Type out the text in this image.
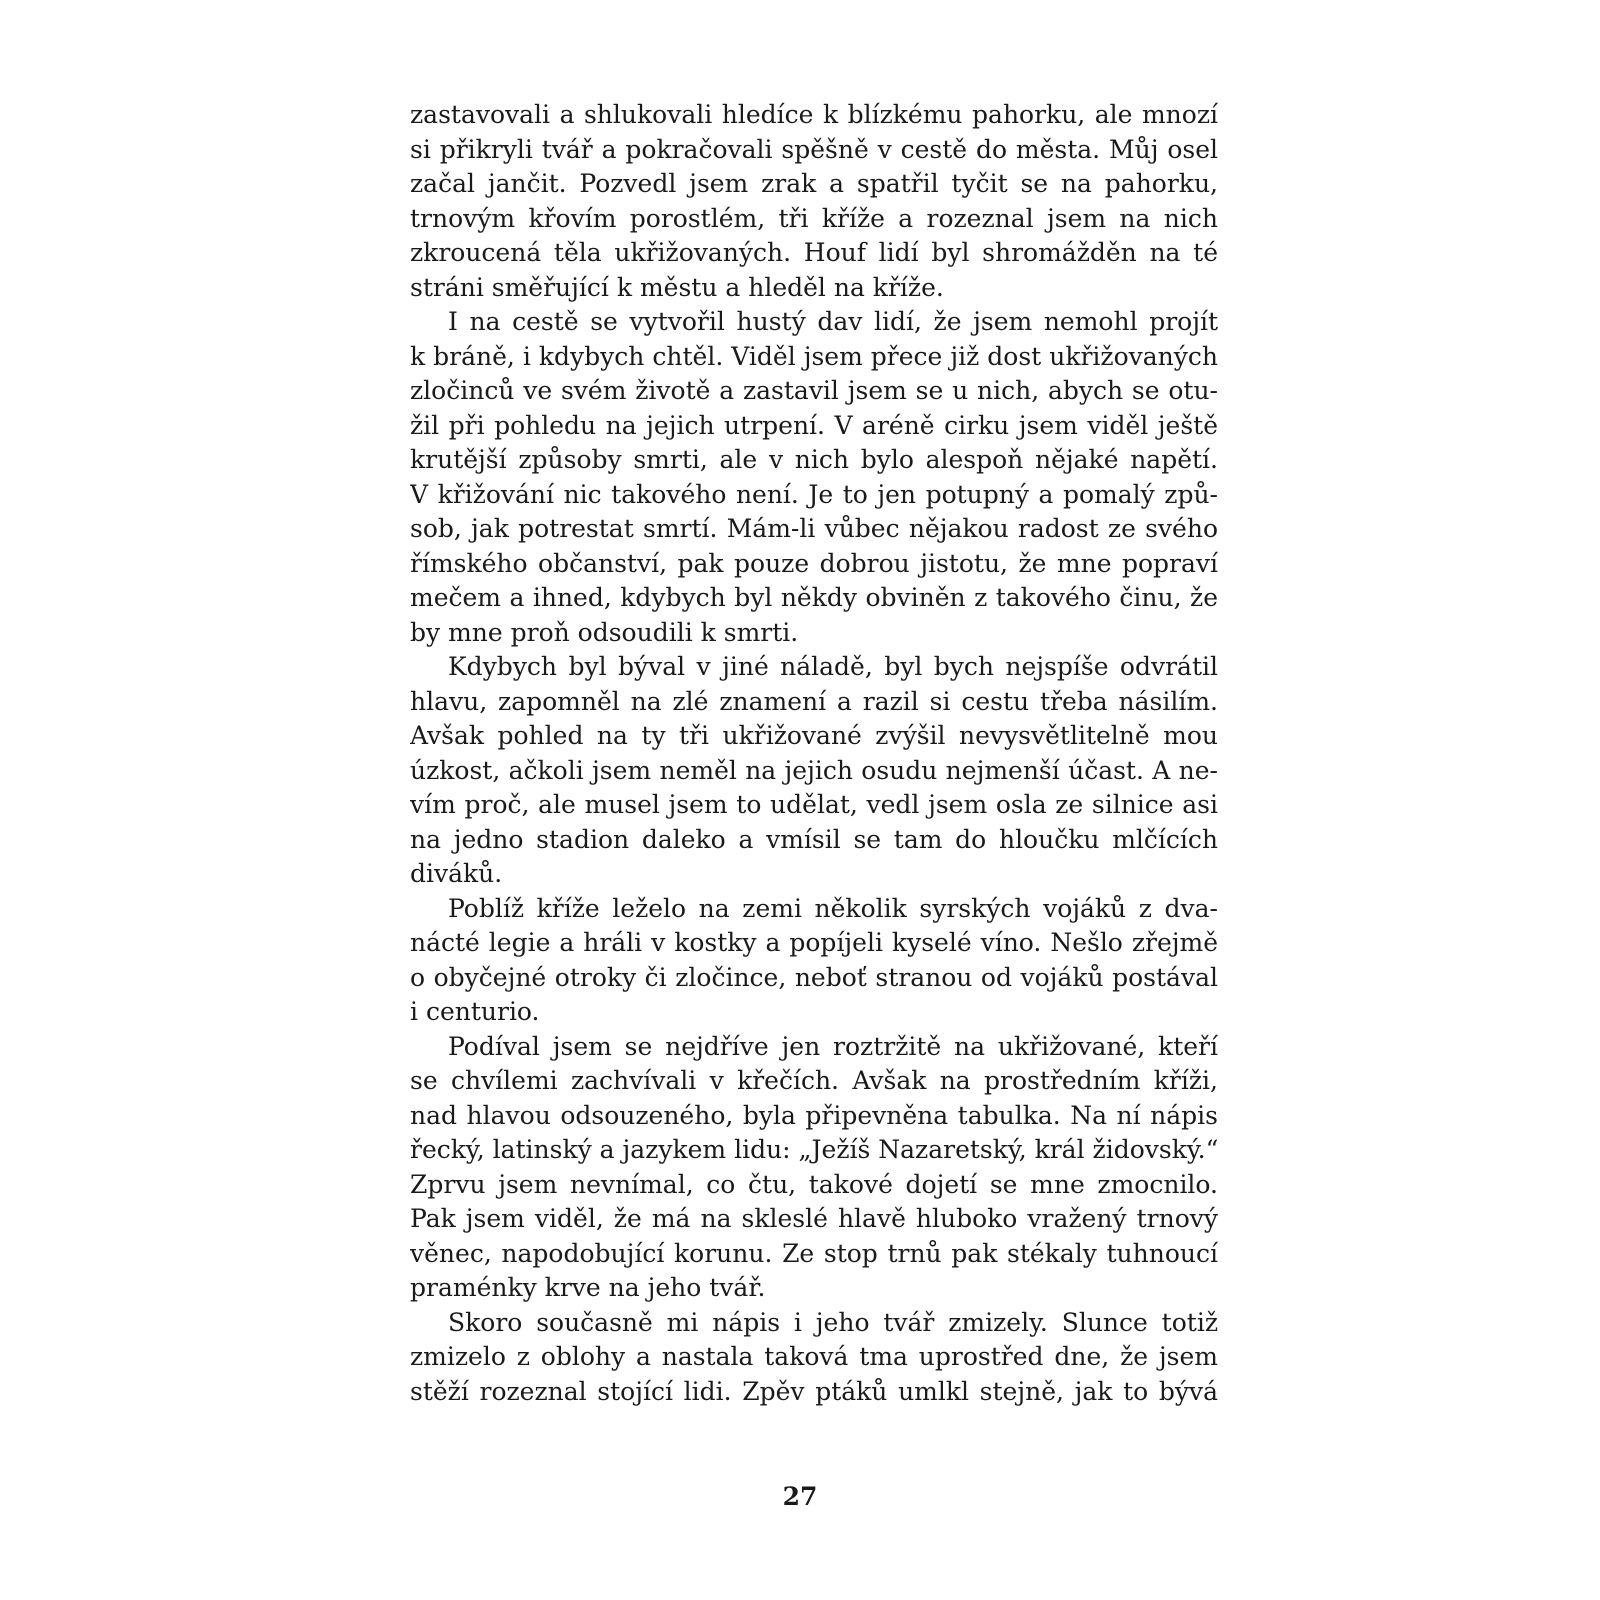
zastavovali a shlukovali hledíce k blízkému pahorku, ale mnozí
si přikryli tvář a pokračovali spěšně v cestě do města. Můj osel
začal jančit. Pozvedl jsem zrak a spatřil tyčit se na pahorku,
trnovým křovím porostlém, tři kříže a rozeznal jsem na nich
zkroucená těla ukřižovaných. Houf lidí byl shromážděn na té
stráni směřující k městu a hleděl na kříže.
I na cestě se vytvořil hustý dav lidí, že jsem nemohl projít
k bráně, i kdybych chtěl. Viděl jsem přece již dost ukřižovaných
zločinců ve svém životě a zastavil jsem se u nich, abych se otu-
žil při pohledu na jejich utrpení. V aréně cirku jsem viděl ještě
krutější způsoby smrti, ale v nich bylo alespoň nějaké napětí.
V křižování nic takového není. Je to jen potupný a pomalý způ-
sob, jak potrestat smrtí. Mám-li vůbec nějakou radost ze svého
římského občanství, pak pouze dobrou jistotu, že mne popraví
mečem a ihned, kdybych byl někdy obviněn z takového činu, že
by mne proň odsoudili k smrti.
Kdybych byl býval v jiné náladě, byl bych nejspíše odvrátil
hlavu, zapomněl na zlé znamení a razil si cestu třeba násilím.
Avšak pohled na ty tři ukřižované zvýšil nevysvětlitelně mou
úzkost, ačkoli jsem neměl na jejich osudu nejmenší účast. A ne-
vím proč, ale musel jsem to udělat, vedl jsem osla ze silnice asi
na jedno stadion daleko a vmísil se tam do hloučku mlčících
diváků.
Poblíž kříže leželo na zemi několik syrských vojáků z dva-
nácté legie a hráli v kostky a popíjeli kyselé víno. Nešlo zřejmě
o obyčejné otroky či zločince, neboť stranou od vojáků postával
i centurio.
Podíval jsem se nejdříve jen roztržitě na ukřižované, kteří
se chvílemi zachvívali v křečích. Avšak na prostředním kříži,
nad hlavou odsouzeného, byla připevněna tabulka. Na ní nápis
řecký, latinský a jazykem lidu: „Ježíš Nazaretský, král židovský.“
Zprvu jsem nevnímal, co čtu, takové dojetí se mne zmocnilo.
Pak jsem viděl, že má na skleslé hlavě hluboko vražený trnový
věnec, napodobující korunu. Ze stop trnů pak stékaly tuhnoucí
praménky krve na jeho tvář.
Skoro současně mi nápis i jeho tvář zmizely. Slunce totiž
zmizelo z oblohy a nastala taková tma uprostřed dne, že jsem
stěží rozeznal stojící lidi. Zpěv ptáků umlkl stejně, jak to bývá
27
